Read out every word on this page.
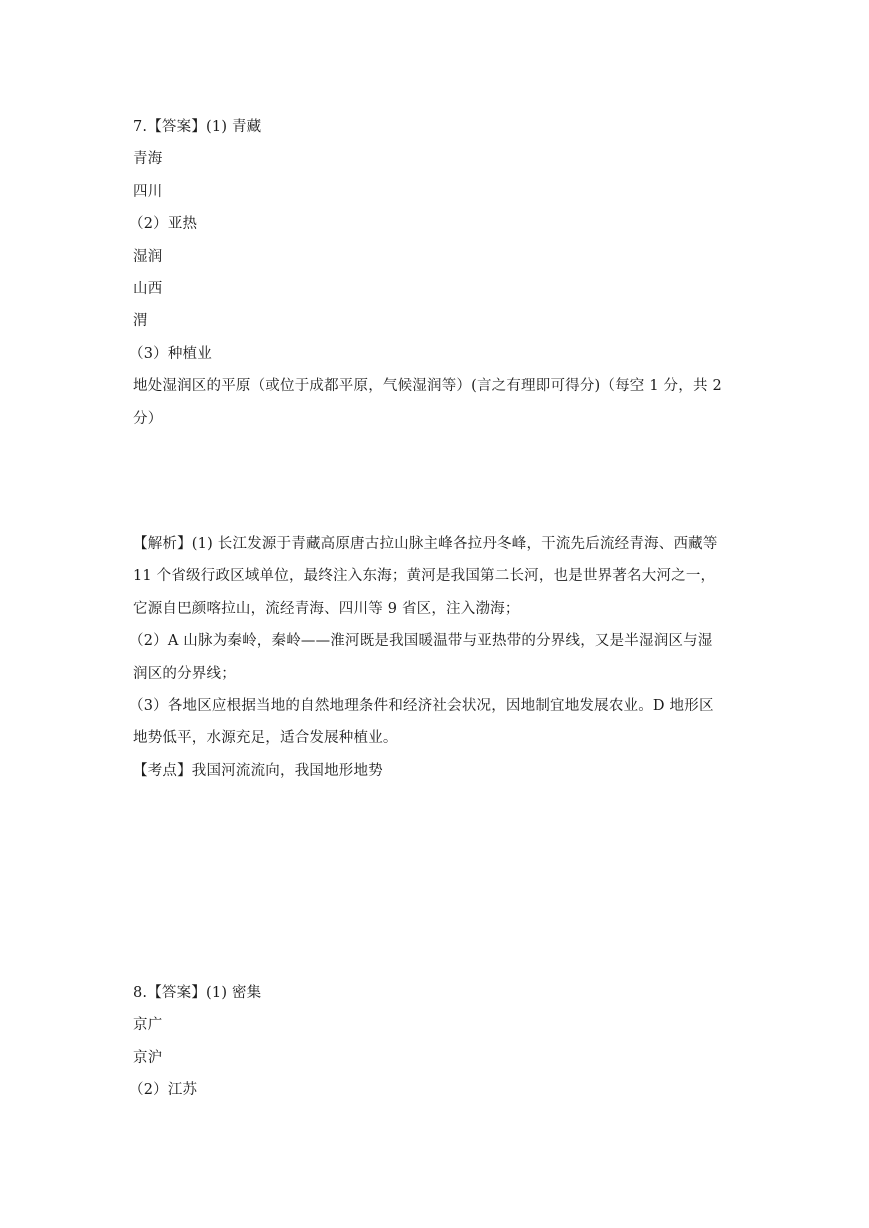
7.【答案】(1) 青藏
青海
四川
（2）亚热
湿润
山西
渭
（3）种植业
地处湿润区的平原（或位于成都平原，气候湿润等）(言之有理即可得分)（每空 1 分，共 2
分）
【解析】(1) 长江发源于青藏高原唐古拉山脉主峰各拉丹冬峰，干流先后流经青海、西藏等
11 个省级行政区域单位，最终注入东海；黄河是我国第二长河，也是世界著名大河之一，
它源自巴颜喀拉山，流经青海、四川等 9 省区，注入渤海；
（2）A 山脉为秦岭，秦岭——淮河既是我国暖温带与亚热带的分界线，又是半湿润区与湿
润区的分界线；
（3）各地区应根据当地的自然地理条件和经济社会状况，因地制宜地发展农业。D 地形区
地势低平，水源充足，适合发展种植业。
【考点】我国河流流向，我国地形地势
8.【答案】(1) 密集
京广
京沪
（2）江苏
